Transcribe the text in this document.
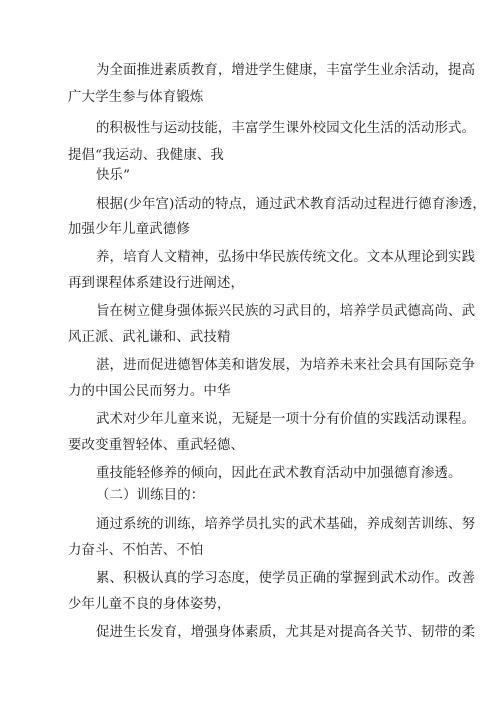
为全面推进素质教育，增进学生健康，丰富学生业余活动，提高
广大学生参与体育锻炼
的积极性与运动技能，丰富学生课外校园文化生活的活动形式。
提倡“我运动、我健康、我
快乐”
根据(少年宫)活动的特点，通过武术教育活动过程进行德育渗透，
加强少年儿童武德修
养，培育人文精神，弘扬中华民族传统文化。文本从理论到实践
再到课程体系建设行进阐述，
旨在树立健身强体振兴民族的习武目的，培养学员武德高尚、武
风正派、武礼谦和、武技精
湛，进而促进德智体美和谐发展，为培养未来社会具有国际竞争
力的中国公民而努力。中华
武术对少年儿童来说，无疑是一项十分有价值的实践活动课程。
要改变重智轻体、重武轻德、
重技能轻修养的倾向，因此在武术教育活动中加强德育渗透。
（二）训练目的：
通过系统的训练，培养学员扎实的武术基础，养成刻苦训练、努
力奋斗、不怕苦、不怕
累、积极认真的学习态度，使学员正确的掌握到武术动作。改善
少年儿童不良的身体姿势，
促进生长发育，增强身体素质，尤其是对提高各关节、韧带的柔
